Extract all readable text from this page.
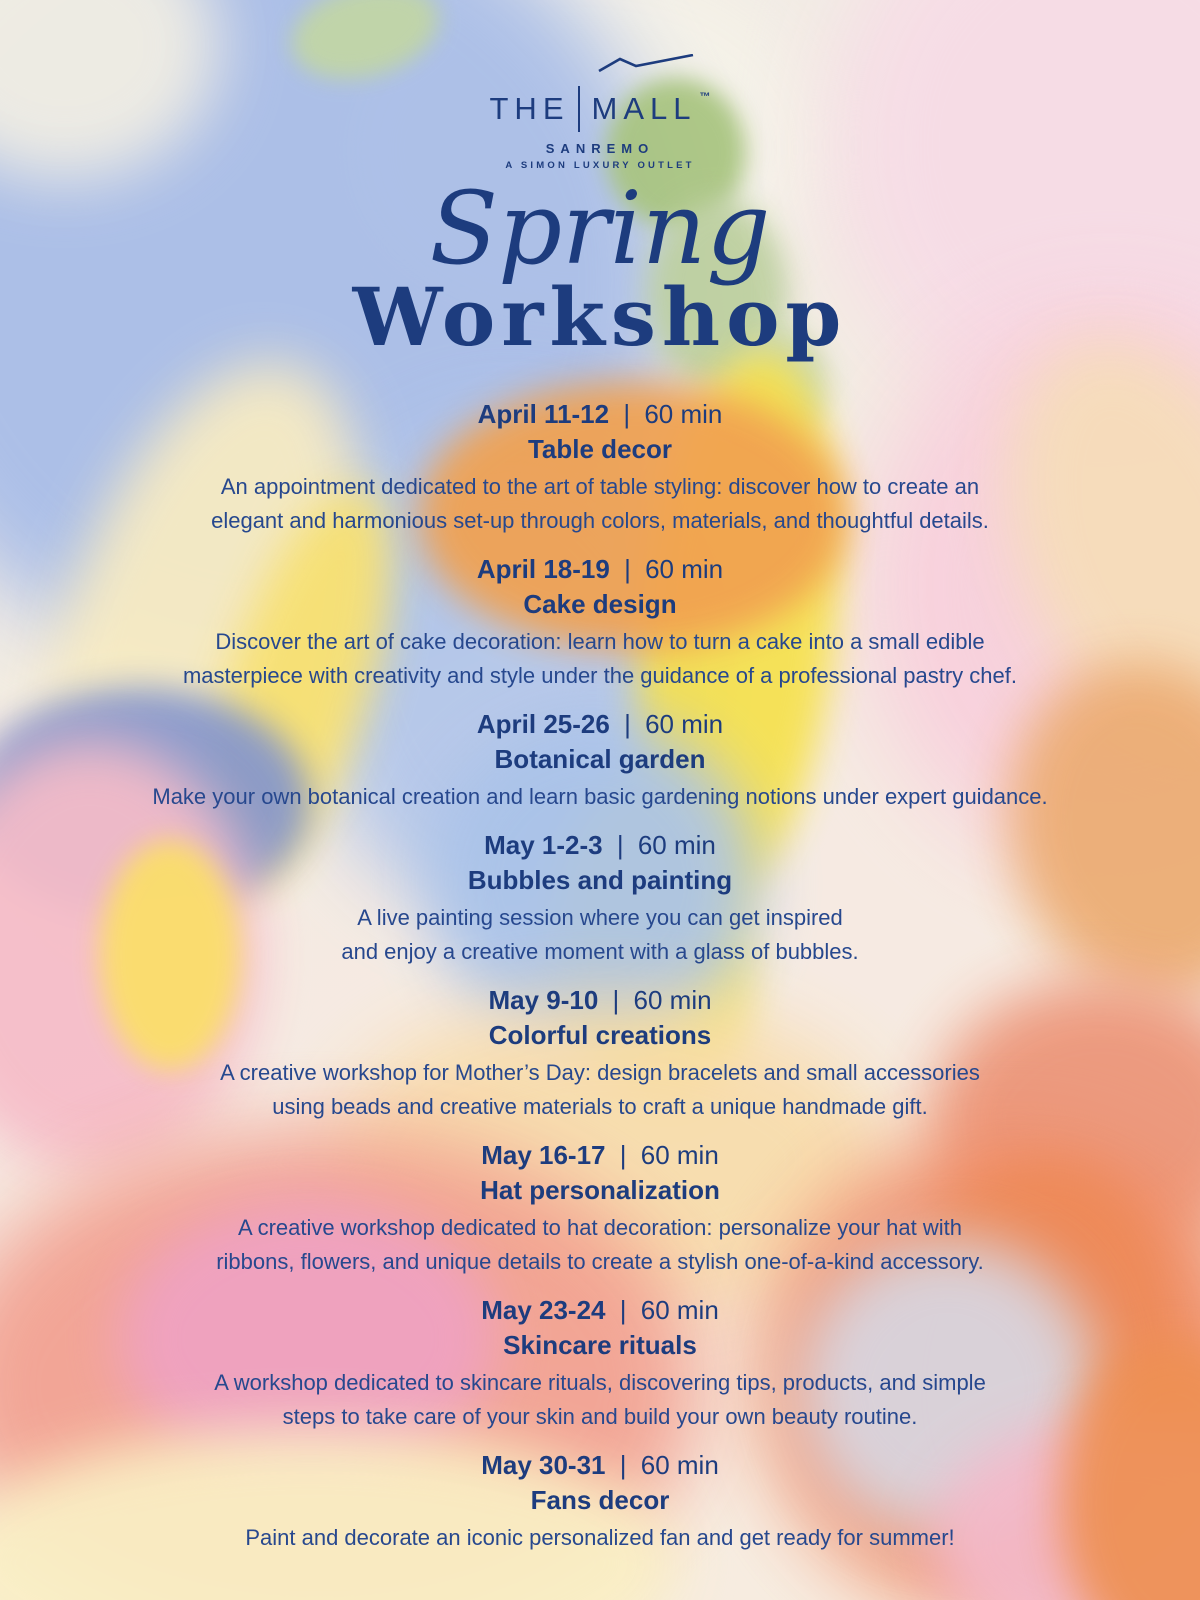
THE MALL ™
SANREMO
A SIMON LUXURY OUTLET
Spring
Workshop
April 11-12 | 60 min
Table decor

An appointment dedicated to the art of table styling: discover how to create an
elegant and harmonious set-up through colors, materials, and thoughtful details.

April 18-19 | 60 min
Cake design

Discover the art of cake decoration: learn how to turn a cake into a small edible
masterpiece with creativity and style under the guidance of a professional pastry chef.

April 25-26 | 60 min
Botanical garden

Make your own botanical creation and learn basic gardening notions under expert guidance.

May 1-2-3 | 60 min
Bubbles and painting

A live painting session where you can get inspired
and enjoy a creative moment with a glass of bubbles.

May 9-10 | 60 min
Colorful creations

A creative workshop for Mother’s Day: design bracelets and small accessories
using beads and creative materials to craft a unique handmade gift.

May 16-17 | 60 min
Hat personalization

A creative workshop dedicated to hat decoration: personalize your hat with
ribbons, flowers, and unique details to create a stylish one-of-a-kind accessory.

May 23-24 | 60 min
Skincare rituals

A workshop dedicated to skincare rituals, discovering tips, products, and simple
steps to take care of your skin and build your own beauty routine.

May 30-31 | 60 min
Fans decor

Paint and decorate an iconic personalized fan and get ready for summer!
